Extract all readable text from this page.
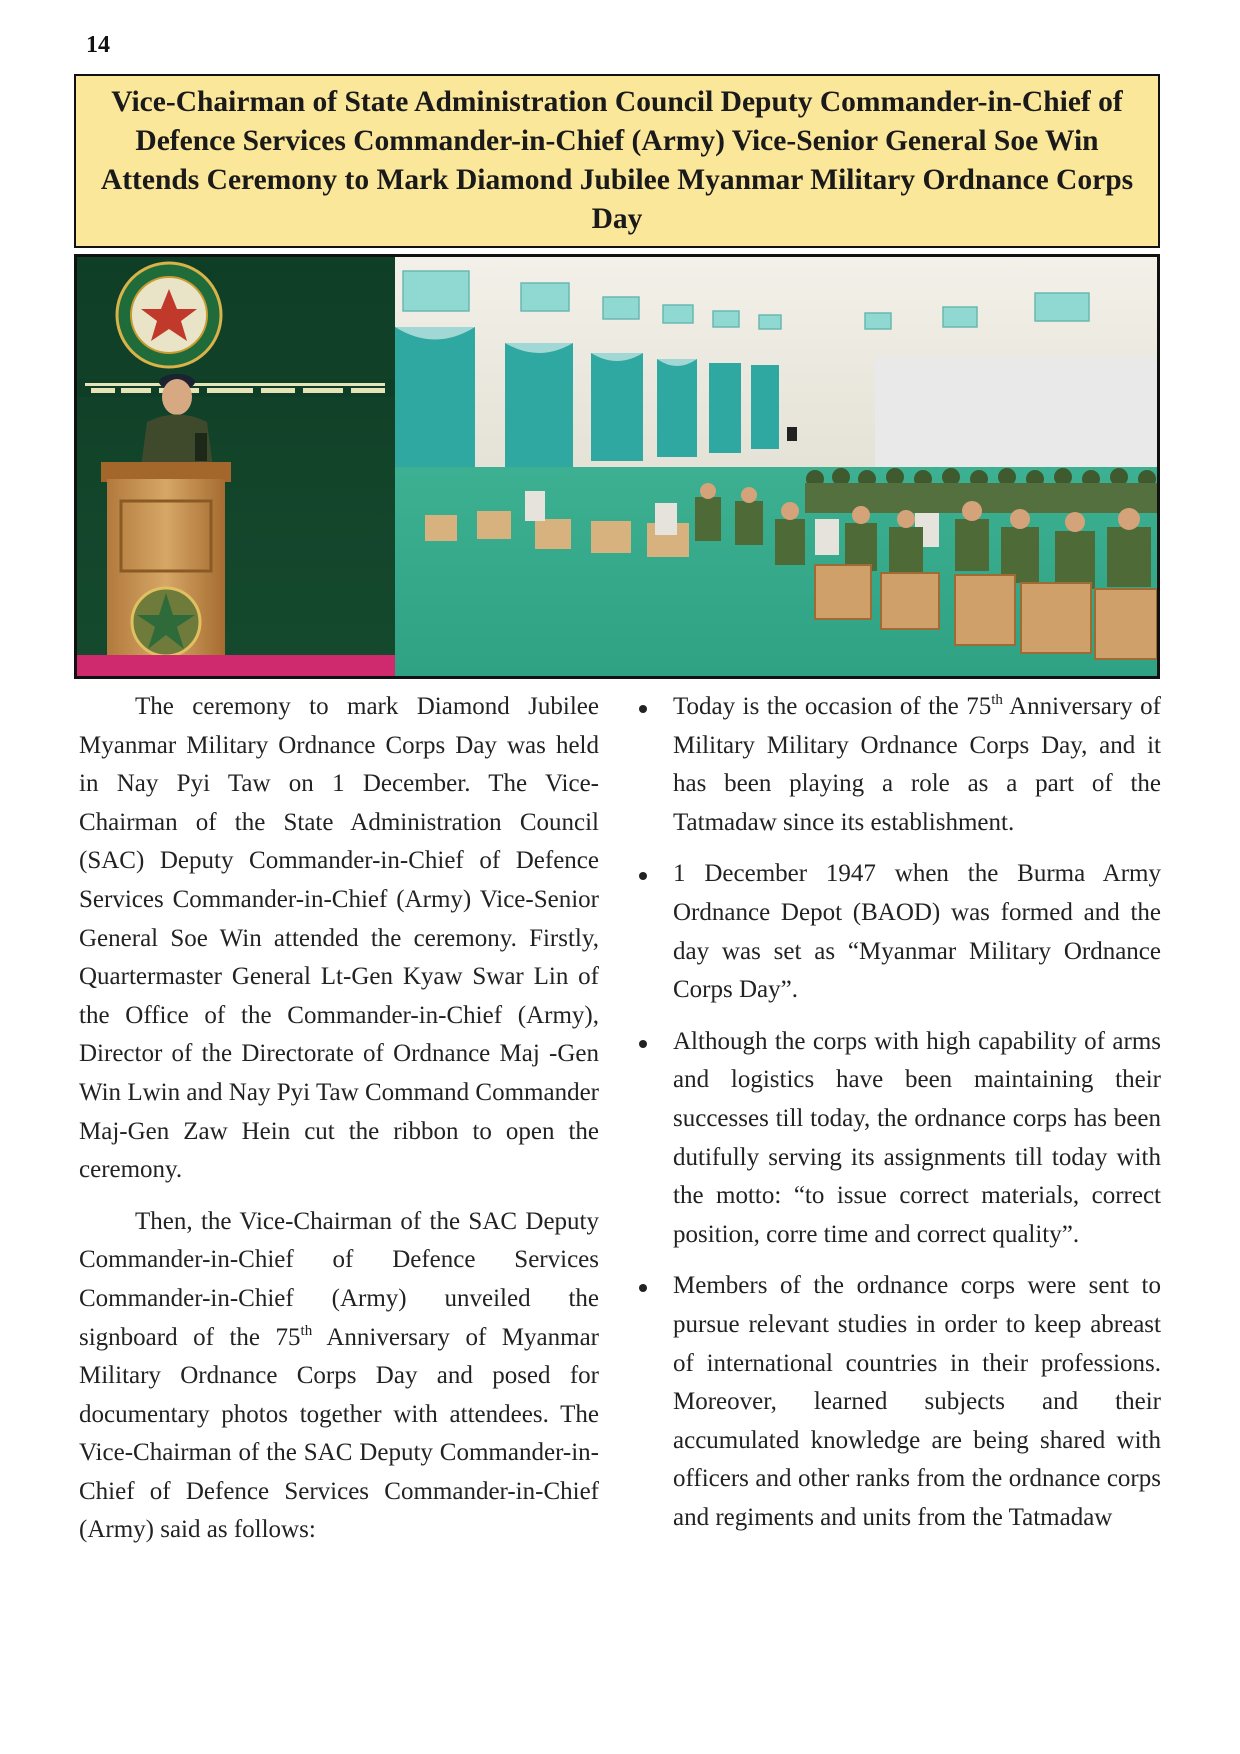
14
Vice-Chairman of State Administration Council Deputy Commander-in-Chief of Defence Services Commander-in-Chief (Army) Vice-Senior General Soe Win Attends Ceremony to Mark Diamond Jubilee Myanmar Military Ordnance Corps Day

The ceremony to mark Diamond Jubilee Myanmar Military Ordnance Corps Day was held in Nay Pyi Taw on 1 December. The Vice-Chairman of the State Administration Council (SAC) Deputy Commander-in-Chief of Defence Services Commander-in-Chief (Army) Vice-Senior General Soe Win attended the ceremony. Firstly, Quartermaster General Lt-Gen Kyaw Swar Lin of the Office of the Commander-in-Chief (Army), Director of the Directorate of Ordnance Maj -Gen Win Lwin and Nay Pyi Taw Command Commander Maj-Gen Zaw Hein cut the ribbon to open the ceremony.

Then, the Vice-Chairman of the SAC Deputy Commander-in-Chief of Defence Services Commander-in-Chief (Army) unveiled the signboard of the 75th Anniversary of Myanmar Military Ordnance Corps Day and posed for documentary photos together with attendees. The Vice-Chairman of the SAC Deputy Commander-in-Chief of Defence Services Commander-in-Chief (Army) said as follows:

Today is the occasion of the 75th Anniversary of Military Military Ordnance Corps Day, and it has been playing a role as a part of the Tatmadaw since its establishment.
1 December 1947 when the Burma Army Ordnance Depot (BAOD) was formed and the day was set as “Myanmar Military Ordnance Corps Day”.
Although the corps with high capability of arms and logistics have been maintaining their successes till today, the ordnance corps has been dutifully serving its assignments till today with the motto: “to issue correct materials, correct position, corre time and correct quality”.
Members of the ordnance corps were sent to pursue relevant studies in order to keep abreast of international countries in their professions. Moreover, learned subjects and their accumulated knowledge are being shared with officers and other ranks from the ordnance corps and regiments and units from the Tatmadaw
